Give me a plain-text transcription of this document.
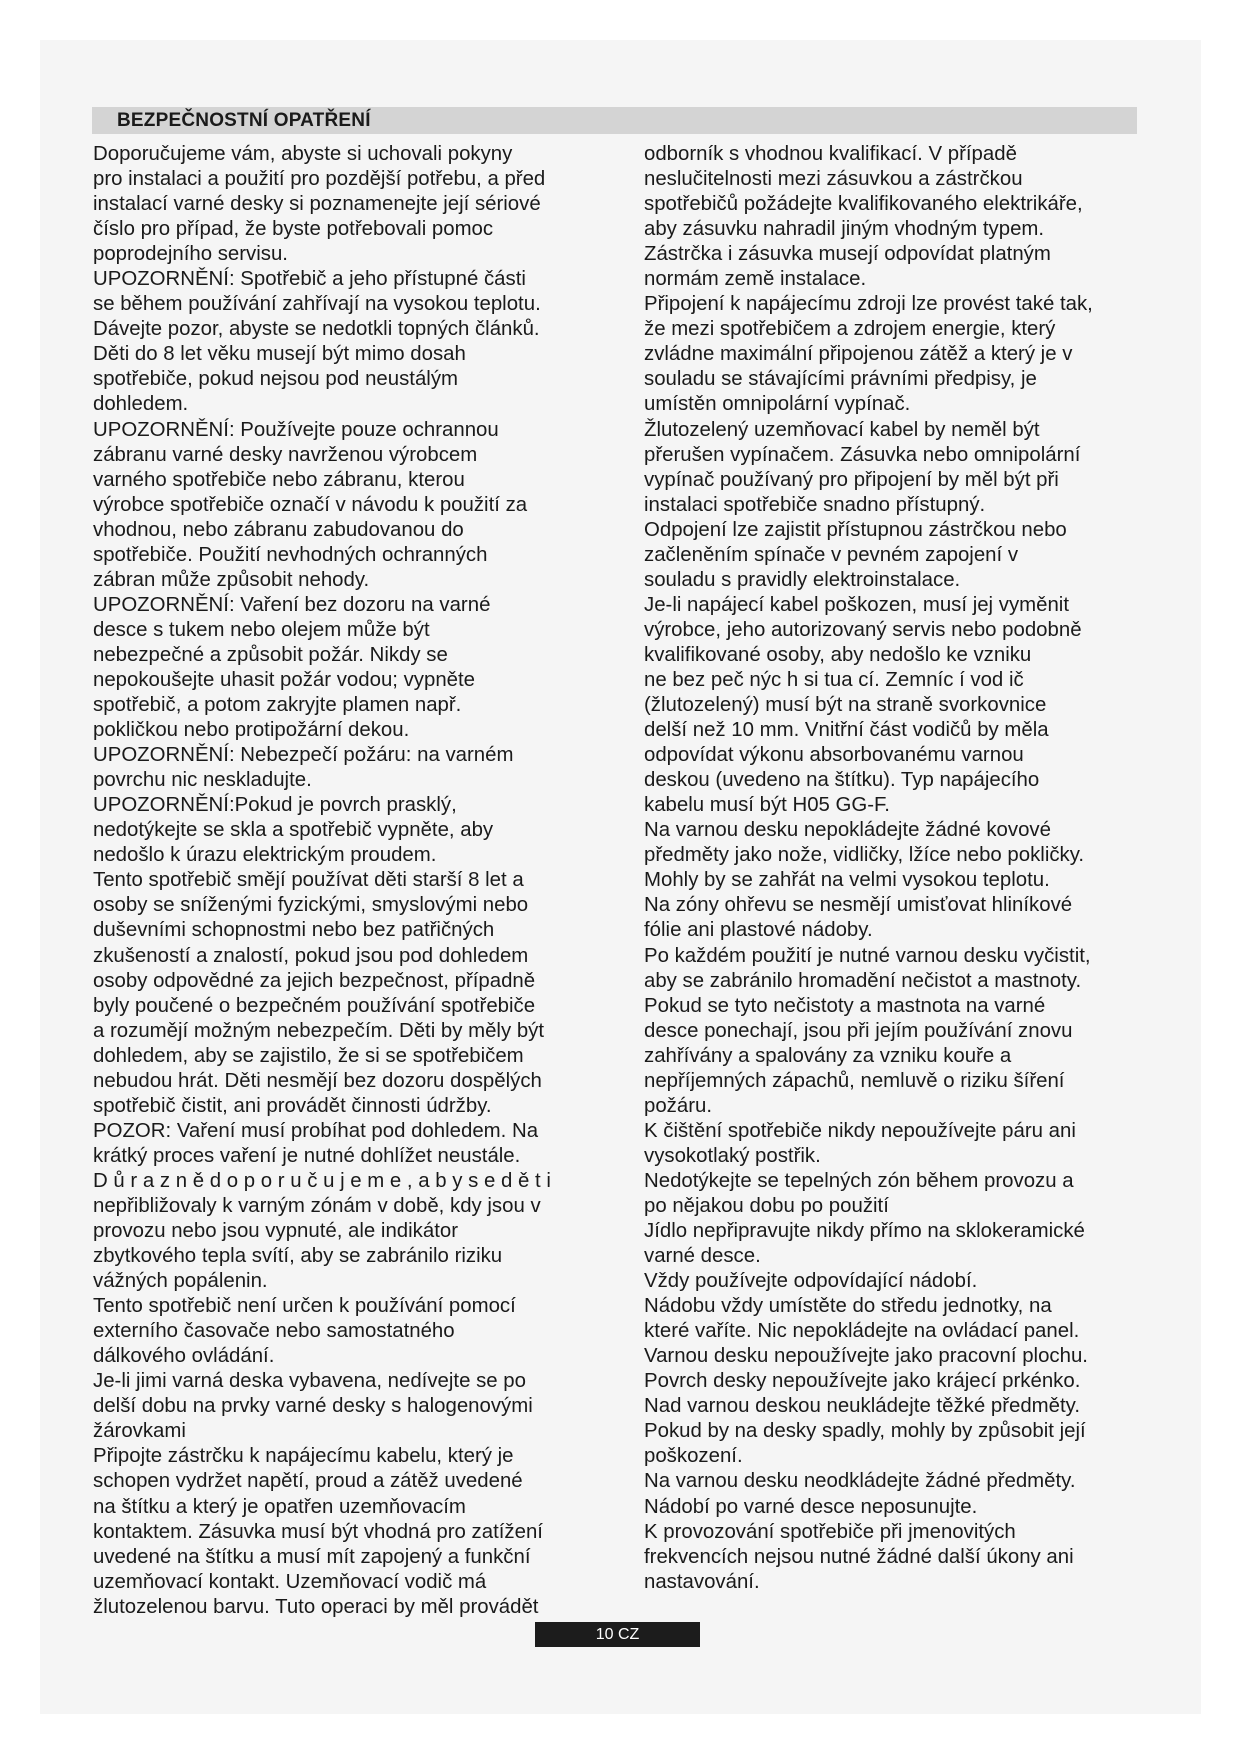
BEZPEČNOSTNÍ OPATŘENÍ
Doporučujeme vám, abyste si uchovali pokyny
pro instalaci a použití pro pozdější potřebu, a před
instalací varné desky si poznamenejte její sériové
číslo pro případ, že byste potřebovali pomoc
poprodejního servisu.
UPOZORNĚNÍ: Spotřebič a jeho přístupné části
se během používání zahřívají na vysokou teplotu.
Dávejte pozor, abyste se nedotkli topných článků.
Děti do 8 let věku musejí být mimo dosah
spotřebiče, pokud nejsou pod neustálým
dohledem.
UPOZORNĚNÍ: Používejte pouze ochrannou
zábranu varné desky navrženou výrobcem
varného spotřebiče nebo zábranu, kterou
výrobce spotřebiče označí v návodu k použití za
vhodnou, nebo zábranu zabudovanou do
spotřebiče. Použití nevhodných ochranných
zábran může způsobit nehody.
UPOZORNĚNÍ: Vaření bez dozoru na varné
desce s tukem nebo olejem může být
nebezpečné a způsobit požár. Nikdy se
nepokoušejte uhasit požár vodou; vypněte
spotřebič, a potom zakryjte plamen např.
pokličkou nebo protipožární dekou.
UPOZORNĚNÍ: Nebezpečí požáru: na varném
povrchu nic neskladujte.
UPOZORNĚNÍ:Pokud je povrch prasklý,
nedotýkejte se skla a spotřebič vypněte, aby
nedošlo k úrazu elektrickým proudem.
Tento spotřebič smějí používat děti starší 8 let a
osoby se sníženými fyzickými, smyslovými nebo
duševními schopnostmi nebo bez patřičných
zkušeností a znalostí, pokud jsou pod dohledem
osoby odpovědné za jejich bezpečnost, případně
byly poučené o bezpečném používání spotřebiče
a rozumějí možným nebezpečím. Děti by měly být
dohledem, aby se zajistilo, že si se spotřebičem
nebudou hrát. Děti nesmějí bez dozoru dospělých
spotřebič čistit, ani provádět činnosti údržby.
POZOR: Vaření musí probíhat pod dohledem. Na
krátký proces vaření je nutné dohlížet neustále.
D ů r a z n ě d o p o r u č u j e m e , a b y s e d ě t i
nepřibližovaly k varným zónám v době, kdy jsou v
provozu nebo jsou vypnuté, ale indikátor
zbytkového tepla svítí, aby se zabránilo riziku
vážných popálenin.
Tento spotřebič není určen k používání pomocí
externího časovače nebo samostatného
dálkového ovládání.
Je-li jimi varná deska vybavena, nedívejte se po
delší dobu na prvky varné desky s halogenovými
žárovkami
Připojte zástrčku k napájecímu kabelu, který je
schopen vydržet napětí, proud a zátěž uvedené
na štítku a který je opatřen uzemňovacím
kontaktem. Zásuvka musí být vhodná pro zatížení
uvedené na štítku a musí mít zapojený a funkční
uzemňovací kontakt. Uzemňovací vodič má
žlutozelenou barvu. Tuto operaci by měl provádět
odborník s vhodnou kvalifikací. V případě
neslučitelnosti mezi zásuvkou a zástrčkou
spotřebičů požádejte kvalifikovaného elektrikáře,
aby zásuvku nahradil jiným vhodným typem.
Zástrčka i zásuvka musejí odpovídat platným
normám země instalace.
Připojení k napájecímu zdroji lze provést také tak,
že mezi spotřebičem a zdrojem energie, který
zvládne maximální připojenou zátěž a který je v
souladu se stávajícími právními předpisy, je
umístěn omnipolární vypínač.
Žlutozelený uzemňovací kabel by neměl být
přerušen vypínačem. Zásuvka nebo omnipolární
vypínač používaný pro připojení by měl být při
instalaci spotřebiče snadno přístupný.
Odpojení lze zajistit přístupnou zástrčkou nebo
začleněním spínače v pevném zapojení v
souladu s pravidly elektroinstalace.
Je-li napájecí kabel poškozen, musí jej vyměnit
výrobce, jeho autorizovaný servis nebo podobně
kvalifikované osoby, aby nedošlo ke vzniku
ne bez peč nýc h si tua cí. Zemníc í vod ič
(žlutozelený) musí být na straně svorkovnice
delší než 10 mm. Vnitřní část vodičů by měla
odpovídat výkonu absorbovanému varnou
deskou (uvedeno na štítku). Typ napájecího
kabelu musí být H05 GG-F.
Na varnou desku nepokládejte žádné kovové
předměty jako nože, vidličky, lžíce nebo pokličky.
Mohly by se zahřát na velmi vysokou teplotu.
Na zóny ohřevu se nesmějí umisťovat hliníkové
fólie ani plastové nádoby.
Po každém použití je nutné varnou desku vyčistit,
aby se zabránilo hromadění nečistot a mastnoty.
Pokud se tyto nečistoty a mastnota na varné
desce ponechají, jsou při jejím používání znovu
zahřívány a spalovány za vzniku kouře a
nepříjemných zápachů, nemluvě o riziku šíření
požáru.
K čištění spotřebiče nikdy nepoužívejte páru ani
vysokotlaký postřik.
Nedotýkejte se tepelných zón během provozu a
po nějakou dobu po použití
Jídlo nepřipravujte nikdy přímo na sklokeramické
varné desce.
Vždy používejte odpovídající nádobí.
Nádobu vždy umístěte do středu jednotky, na
které vaříte. Nic nepokládejte na ovládací panel.
Varnou desku nepoužívejte jako pracovní plochu.
Povrch desky nepoužívejte jako krájecí prkénko.
Nad varnou deskou neukládejte těžké předměty.
Pokud by na desky spadly, mohly by způsobit její
poškození.
Na varnou desku neodkládejte žádné předměty.
Nádobí po varné desce neposunujte.
K provozování spotřebiče při jmenovitých
frekvencích nejsou nutné žádné další úkony ani
nastavování.
10 CZ
